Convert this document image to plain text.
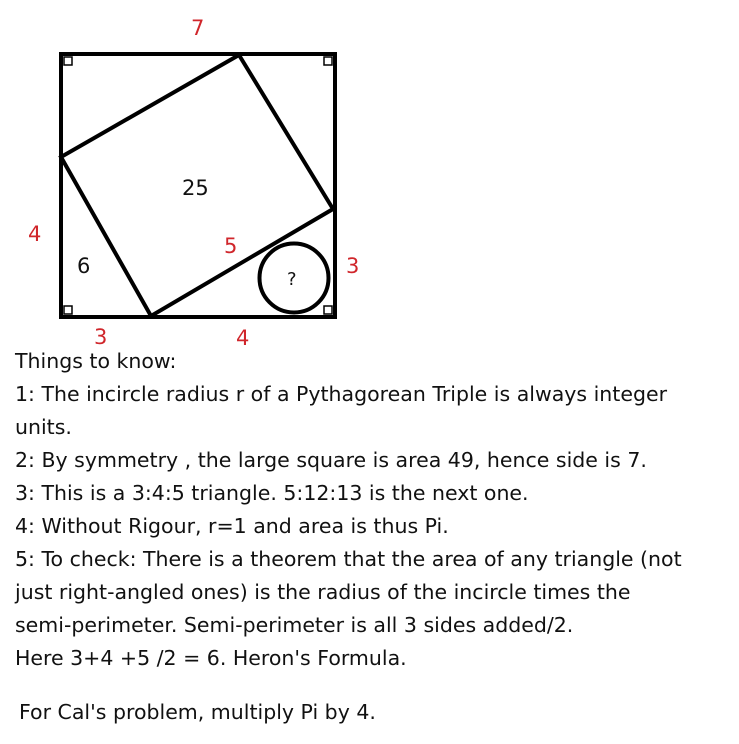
7
4
3
3	4
5
25
6
?
Things to know:
1: The incircle radius r of a Pythagorean Triple is always integer
units.
2: By symmetry , the large square is area 49, hence side is 7.
3: This is a 3:4:5 triangle. 5:12:13 is the next one.
4: Without Rigour, r=1 and area is thus Pi.
5: To check: There is a theorem that the area of any triangle (not
just right-angled ones) is the radius of the incircle times the
semi-perimeter. Semi-perimeter is all 3 sides added/2.
Here 3+4 +5 /2 = 6. Heron's Formula.
For Cal's problem, multiply Pi by 4.
